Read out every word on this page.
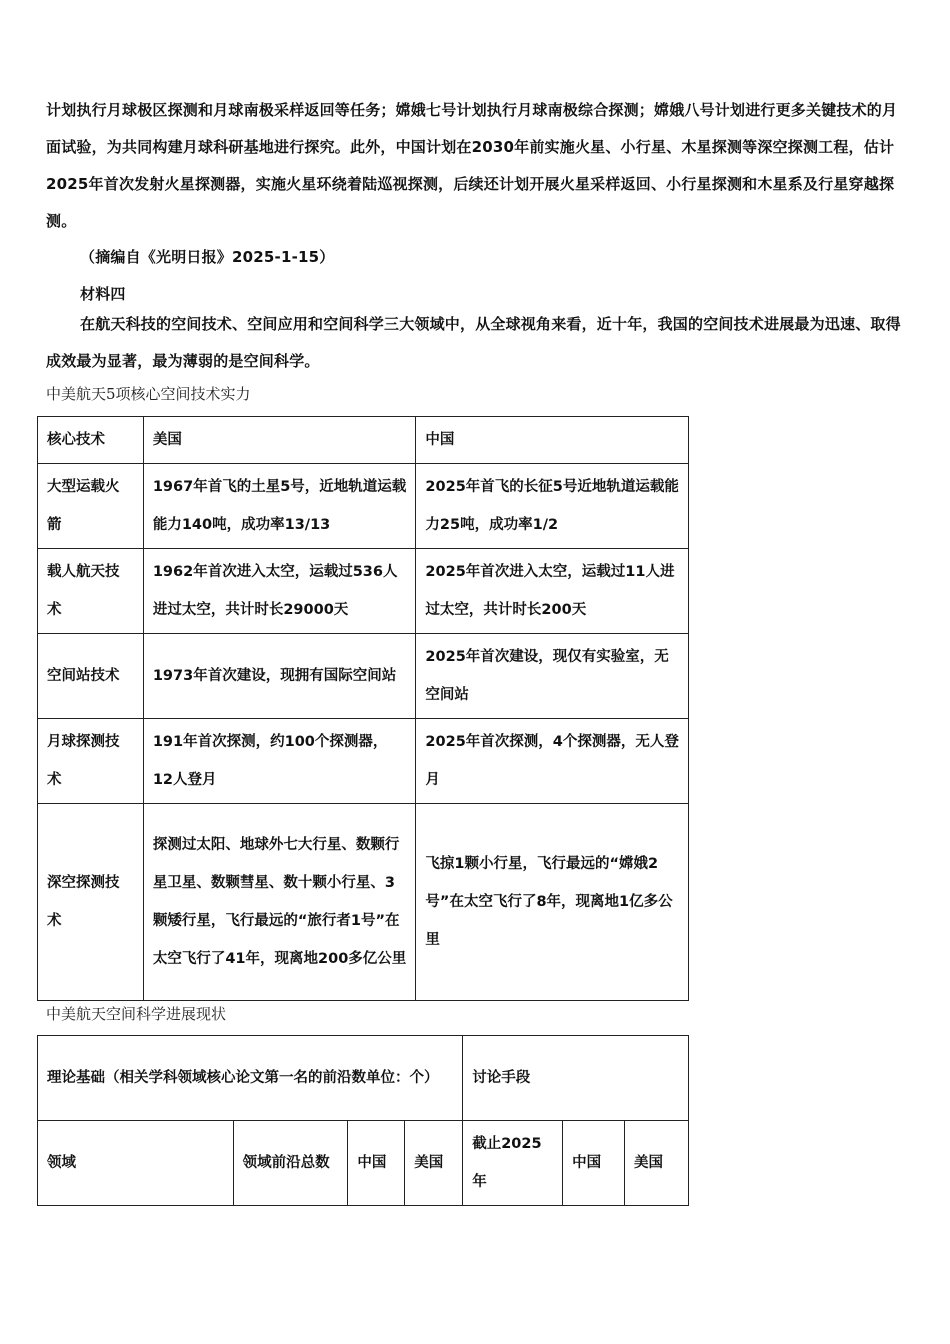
计划执行月球极区探测和月球南极采样返回等任务；嫦娥七号计划执行月球南极综合探测；嫦娥八号计划进行更多关键技术的月面试验，为共同构建月球科研基地进行探究。此外，中国计划在2030年前实施火星、小行星、木星探测等深空探测工程，估计2025年首次发射火星探测器，实施火星环绕着陆巡视探测，后续还计划开展火星采样返回、小行星探测和木星系及行星穿越探测。
（摘编自《光明日报》2025-1-15）
材料四
在航天科技的空间技术、空间应用和空间科学三大领域中，从全球视角来看，近十年，我国的空间技术进展最为迅速、取得成效最为显著，最为薄弱的是空间科学。
中美航天5项核心空间技术实力
核心技术	美国	中国
大型运载火箭	1967年首飞的土星5号，近地轨道运载能力140吨，成功率13/13	2025年首飞的长征5号近地轨道运载能力25吨，成功率1/2
载人航天技术	1962年首次进入太空，运载过536人进过太空，共计时长29000天	2025年首次进入太空，运载过11人进过太空，共计时长200天
空间站技术	1973年首次建设，现拥有国际空间站	2025年首次建设，现仅有实验室，无空间站
月球探测技术	191年首次探测，约100个探测器，12人登月	2025年首次探测，4个探测器，无人登月
深空探测技术	探测过太阳、地球外七大行星、数颗行星卫星、数颗彗星、数十颗小行星、3颗矮行星，飞行最远的“旅行者1号”在太空飞行了41年，现离地200多亿公里	飞掠1颗小行星，飞行最远的“嫦娥2号”在太空飞行了8年，现离地1亿多公里
中美航天空间科学进展现状
理论基础（相关学科领域核心论文第一名的前沿数单位：个）				讨论手段		
领域	领域前沿总数	中国	美国	截止2025年	中国	美国
